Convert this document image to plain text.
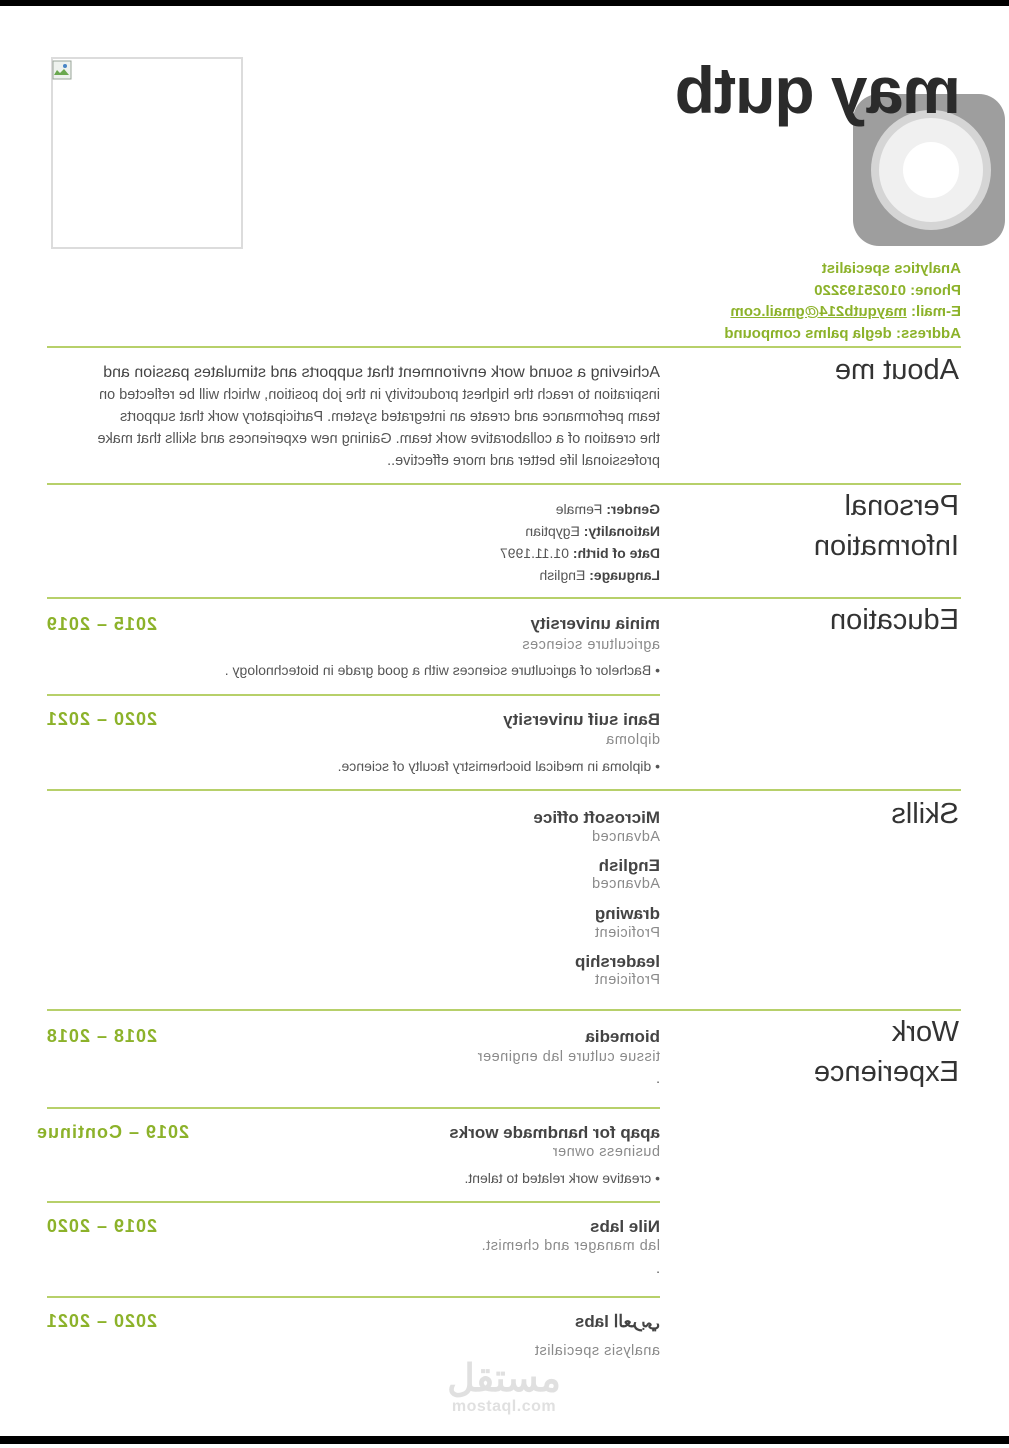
may qutb
Analytics specialist
Phone: 01025193220
E-mail: mayqutb214@gmail.com
Address: degla palms compound
About me
Achieving a sound work environment that supports and stimulates passion and
inspiration to reach the highest productivity in the job position, which will be reflected on
team performance and create an integrated system. Participatory work that supports
the creation of a collaborative work team. Gaining new experiences and skills that make
professional life better and more effective..
Personal
Information
Gender: Female
Nationality: Egyptian
Date of birth: 01.11.1997
Language: English
Education
minia university
agriculture sciences
• Bachelor of agriculture sciences with a good grade in biotechnology .
2015 – 2019
Bani suif university
diploma
• diploma in medical biochemistry faculty of science.
2020 – 2021
Skills
Microsoft office
Advanced
English
Advanced
drawing
Proficient
leadership
Proficient
Work
Experience
biomedia
tissue culture lab engineer
.
2018 – 2018
apap for handmade works
business owner
• creative work related to talent.
2019 – Continue
Nile labs
lab manager and chemist.
.
2019 – 2020
العربي labs
analysis specialist
2020 – 2021
مستقل
mostaql.com
